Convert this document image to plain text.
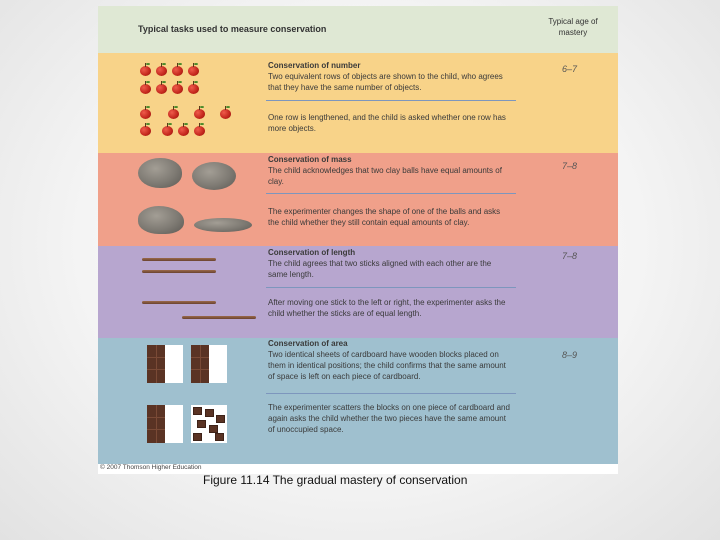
Typical tasks used to measure conservation
Typical age of mastery
Conservation of number
Two equivalent rows of objects are shown to the child, who agrees that they have the same number of objects.
One row is lengthened, and the child is asked whether one row has more objects.
6–7
Conservation of mass
The child acknowledges that two clay balls have equal amounts of clay.
The experimenter changes the shape of one of the balls and asks the child whether they still contain equal amounts of clay.
7–8
Conservation of length
The child agrees that two sticks aligned with each other are the same length.
After moving one stick to the left or right, the experimenter asks the child whether the sticks are of equal length.
7–8
Conservation of area
Two identical sheets of cardboard have wooden blocks placed on them in identical positions; the child confirms that the same amount of space is left on each piece of cardboard.
The experimenter scatters the blocks on one piece of cardboard and again asks the child whether the two pieces have the same amount of unoccupied space.
8–9
© 2007 Thomson Higher Education
Figure 11.14 The gradual mastery of conservation
